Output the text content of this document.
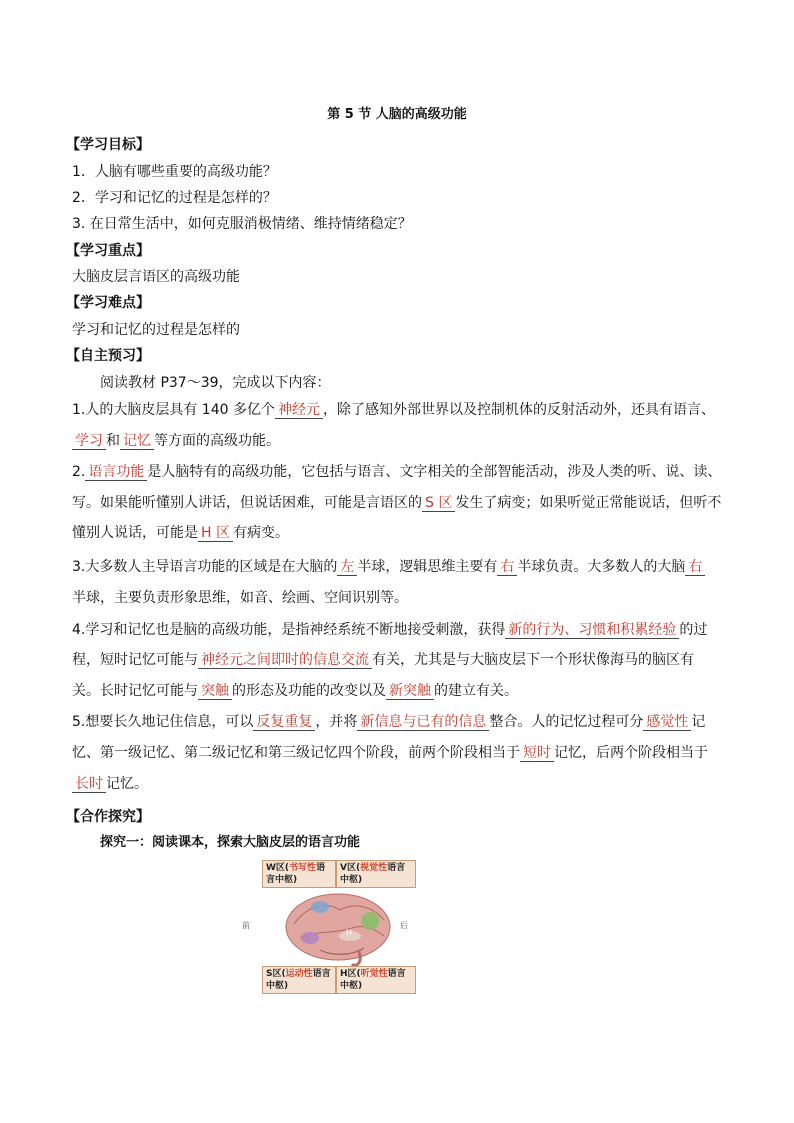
第 5 节 人脑的高级功能
【学习目标】
1．人脑有哪些重要的高级功能？
2．学习和记忆的过程是怎样的？
3. 在日常生活中，如何克服消极情绪、维持情绪稳定？
【学习重点】
大脑皮层言语区的高级功能
【学习难点】
学习和记忆的过程是怎样的
【自主预习】
阅读教材 P37～39，完成以下内容：
1.人的大脑皮层具有 140 多亿个 神经元 ，除了感知外部世界以及控制机体的反射活动外，还具有语言、
学习 和 记忆 等方面的高级功能。
2. 语言功能 是人脑特有的高级功能，它包括与语言、文字相关的全部智能活动，涉及人类的听、说、读、
写。如果能听懂别人讲话，但说话困难，可能是言语区的 S 区 发生了病变；如果听觉正常能说话，但听不
懂别人说话，可能是 H 区 有病变。
3.大多数人主导语言功能的区域是在大脑的 左 半球，逻辑思维主要有 右 半球负责。大多数人的大脑 右
半球，主要负责形象思维，如音、绘画、空间识别等。
4.学习和记忆也是脑的高级功能，是指神经系统不断地接受刺激，获得 新的行为、习惯和积累经验 的过
程，短时记忆可能与 神经元之间即时的信息交流 有关，尤其是与大脑皮层下一个形状像海马的脑区有
关。长时记忆可能与 突触 的形态及功能的改变以及 新突触 的建立有关。
5.想要长久地记住信息，可以 反复重复 ，并将 新信息与已有的信息 整合。人的记忆过程可分 感觉性 记
忆、第一级记忆、第二级记忆和第三级记忆四个阶段，前两个阶段相当于 短时 记忆，后两个阶段相当于
长时 记忆。
【合作探究】
探究一：阅读课本，探索大脑皮层的语言功能
前	后
H
W区(书写性语言中枢)
V区(视觉性语言中枢)
S区(运动性语言中枢)
H区(听觉性语言中枢)
